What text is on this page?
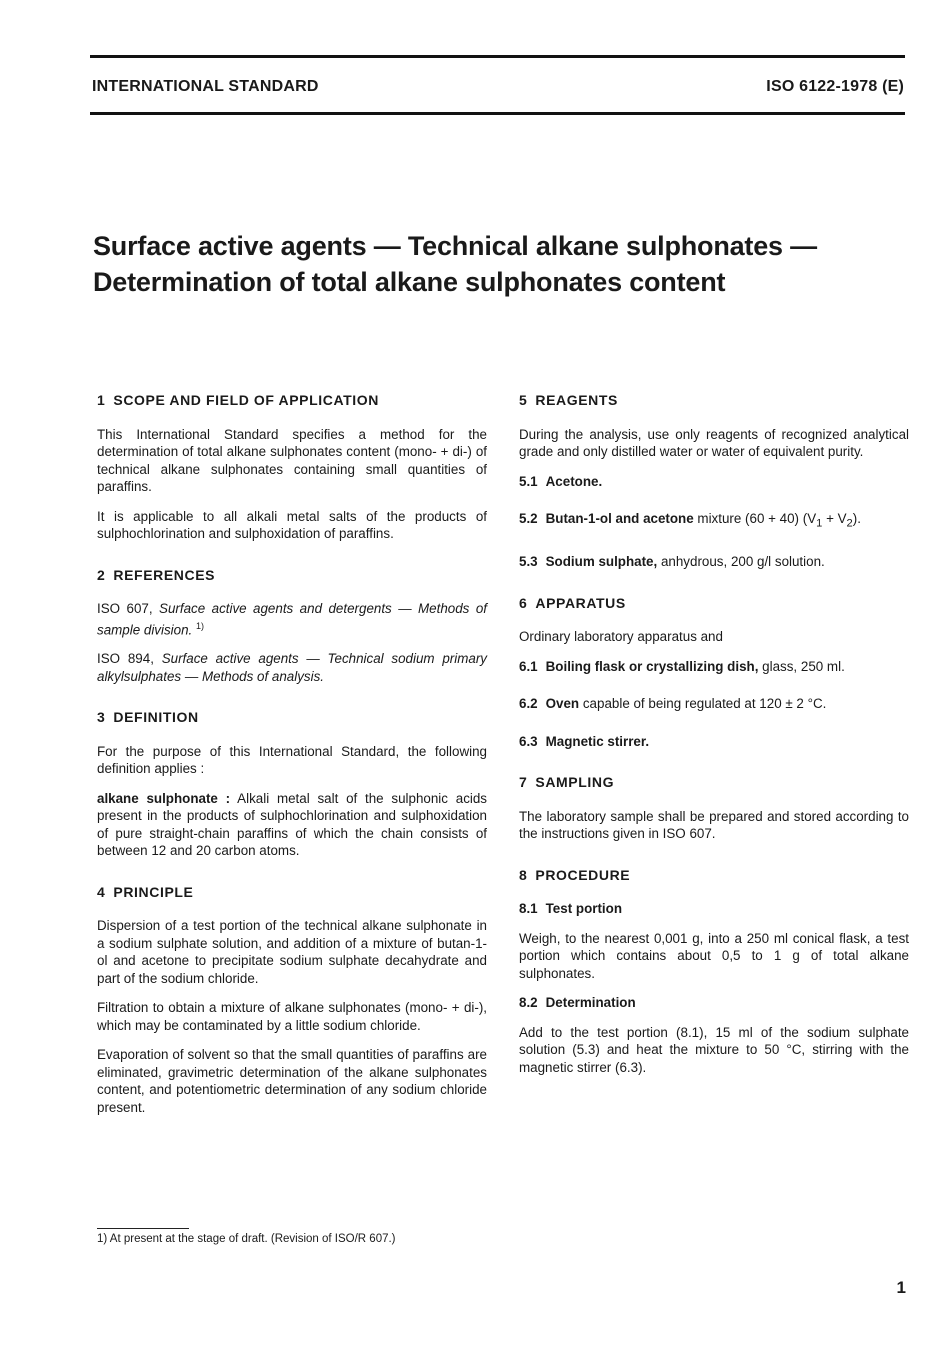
INTERNATIONAL STANDARD	ISO 6122-1978 (E)
Surface active agents — Technical alkane sulphonates —
Determination of total alkane sulphonates content
1 SCOPE AND FIELD OF APPLICATION

This International Standard specifies a method for the determination of total alkane sulphonates content (mono- + di-) of technical alkane sulphonates containing small quantities of paraffins.

It is applicable to all alkali metal salts of the products of sulphochlorination and sulphoxidation of paraffins.

2 REFERENCES

ISO 607, Surface active agents and detergents — Methods of sample division. $^{1)}$

ISO 894, Surface active agents — Technical sodium primary alkylsulphates — Methods of analysis.

3 DEFINITION

For the purpose of this International Standard, the following definition applies :

alkane sulphonate : Alkali metal salt of the sulphonic acids present in the products of sulphochlorination and sulphoxidation of pure straight-chain paraffins of which the chain consists of between 12 and 20 carbon atoms.

4 PRINCIPLE

Dispersion of a test portion of the technical alkane sulphonate in a sodium sulphate solution, and addition of a mixture of butan-1-ol and acetone to precipitate sodium sulphate decahydrate and part of the sodium chloride.

Filtration to obtain a mixture of alkane sulphonates (mono- + di-), which may be contaminated by a little sodium chloride.

Evaporation of solvent so that the small quantities of paraffins are eliminated, gravimetric determination of the alkane sulphonates content, and potentiometric determination of any sodium chloride present.

5 REAGENTS

During the analysis, use only reagents of recognized analytical grade and only distilled water or water of equivalent purity.

5.1 Acetone.
5.2 Butan-1-ol and acetone mixture (60 + 40) $(V_1 + V_2)$.
5.3 Sodium sulphate, anhydrous, 200 g/l solution.
6 APPARATUS

Ordinary laboratory apparatus and

6.1 Boiling flask or crystallizing dish, glass, 250 ml.
6.2 Oven capable of being regulated at 120 ± 2 °C.
6.3 Magnetic stirrer.
7 SAMPLING

The laboratory sample shall be prepared and stored according to the instructions given in ISO 607.

8 PROCEDURE
8.1 Test portion

Weigh, to the nearest 0,001 g, into a 250 ml conical flask, a test portion which contains about 0,5 to 1 g of total alkane sulphonates.

8.2 Determination

Add to the test portion (8.1), 15 ml of the sodium sulphate solution (5.3) and heat the mixture to 50 °C, stirring with the magnetic stirrer (6.3).

1) At present at the stage of draft. (Revision of ISO/R 607.)
1
